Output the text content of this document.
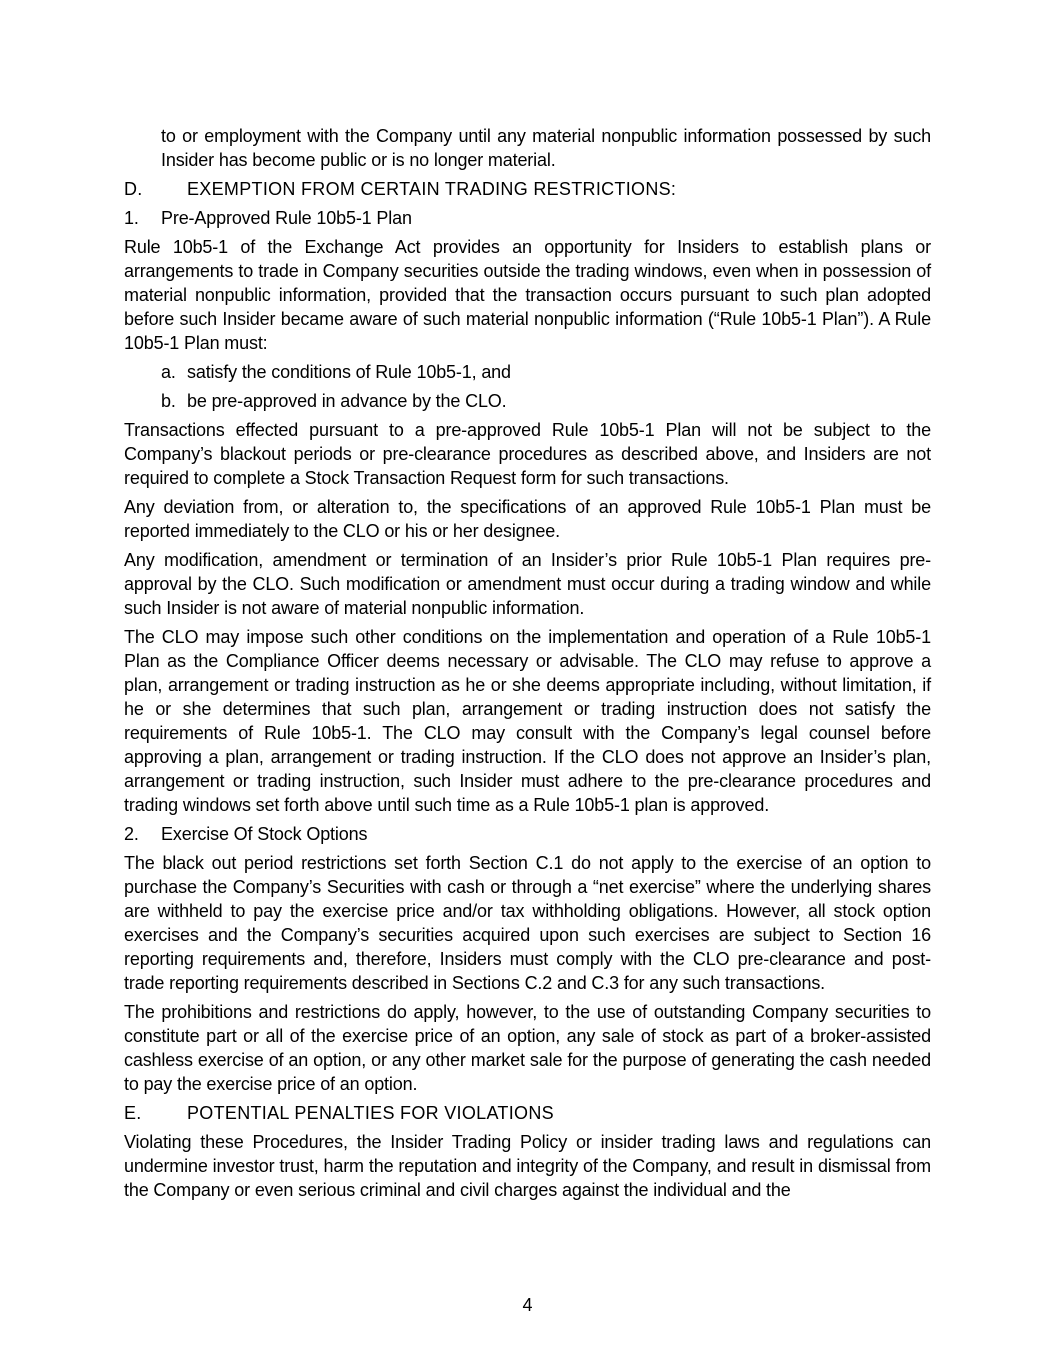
to or employment with the Company until any material nonpublic information possessed by such Insider has become public or is no longer material.

D.	EXEMPTION FROM CERTAIN TRADING RESTRICTIONS:
1.	Pre-Approved Rule 10b5-1 Plan

Rule 10b5-1 of the Exchange Act provides an opportunity for Insiders to establish plans or arrangements to trade in Company securities outside the trading windows, even when in possession of material nonpublic information, provided that the transaction occurs pursuant to such plan adopted before such Insider became aware of such material nonpublic information (“Rule 10b5-1 Plan”). A Rule 10b5-1 Plan must:

a. satisfy the conditions of Rule 10b5-1, and
b. be pre-approved in advance by the CLO.

Transactions effected pursuant to a pre-approved Rule 10b5-1 Plan will not be subject to the Company’s blackout periods or pre-clearance procedures as described above, and Insiders are not required to complete a Stock Transaction Request form for such transactions.

Any deviation from, or alteration to, the specifications of an approved Rule 10b5-1 Plan must be reported immediately to the CLO or his or her designee.

Any modification, amendment or termination of an Insider’s prior Rule 10b5-1 Plan requires pre-approval by the CLO. Such modification or amendment must occur during a trading window and while such Insider is not aware of material nonpublic information.

The CLO may impose such other conditions on the implementation and operation of a Rule 10b5-1 Plan as the Compliance Officer deems necessary or advisable. The CLO may refuse to approve a plan, arrangement or trading instruction as he or she deems appropriate including, without limitation, if he or she determines that such plan, arrangement or trading instruction does not satisfy the requirements of Rule 10b5-1. The CLO may consult with the Company’s legal counsel before approving a plan, arrangement or trading instruction. If the CLO does not approve an Insider’s plan, arrangement or trading instruction, such Insider must adhere to the pre-clearance procedures and trading windows set forth above until such time as a Rule 10b5-1 plan is approved.

2.	Exercise Of Stock Options

The black out period restrictions set forth Section C.1 do not apply to the exercise of an option to purchase the Company’s Securities with cash or through a “net exercise” where the underlying shares are withheld to pay the exercise price and/or tax withholding obligations. However, all stock option exercises and the Company’s securities acquired upon such exercises are subject to Section 16 reporting requirements and, therefore, Insiders must comply with the CLO pre-clearance and post-trade reporting requirements described in Sections C.2 and C.3 for any such transactions.

The prohibitions and restrictions do apply, however, to the use of outstanding Company securities to constitute part or all of the exercise price of an option, any sale of stock as part of a broker-assisted cashless exercise of an option, or any other market sale for the purpose of generating the cash needed to pay the exercise price of an option.

E.	POTENTIAL PENALTIES FOR VIOLATIONS

Violating these Procedures, the Insider Trading Policy or insider trading laws and regulations can undermine investor trust, harm the reputation and integrity of the Company, and result in dismissal from the Company or even serious criminal and civil charges against the individual and the

4
